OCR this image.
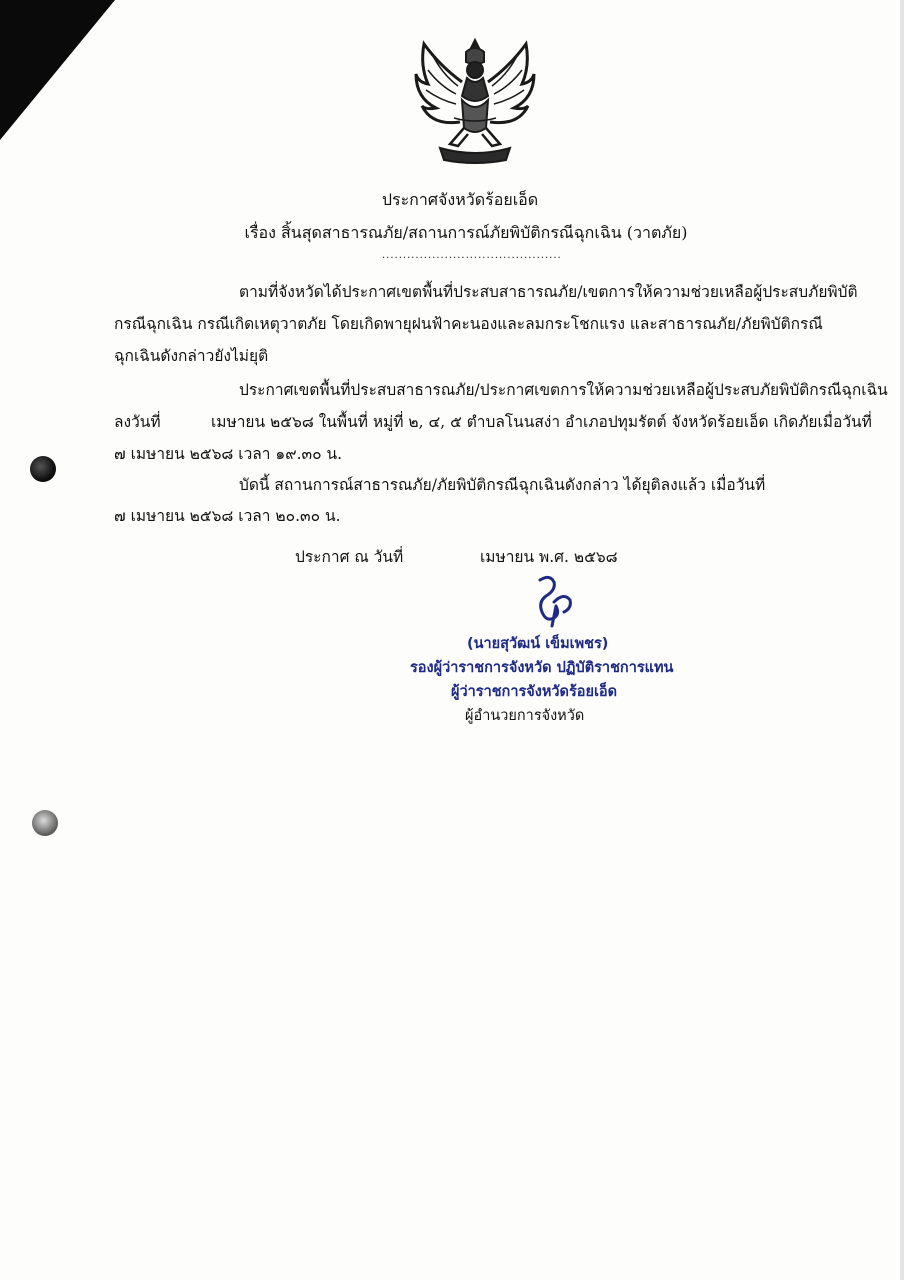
ประกาศจังหวัดร้อยเอ็ด
เรื่อง สิ้นสุดสาธารณภัย/สถานการณ์ภัยพิบัติกรณีฉุกเฉิน (วาตภัย)
...........................................
ตามที่จังหวัดได้ประกาศเขตพื้นที่ประสบสาธารณภัย/เขตการให้ความช่วยเหลือผู้ประสบภัยพิบัติ
กรณีฉุกเฉิน กรณีเกิดเหตุวาตภัย โดยเกิดพายุฝนฟ้าคะนองและลมกระโชกแรง และสาธารณภัย/ภัยพิบัติกรณี
ฉุกเฉินดังกล่าวยังไม่ยุติ
ประกาศเขตพื้นที่ประสบสาธารณภัย/ประกาศเขตการให้ความช่วยเหลือผู้ประสบภัยพิบัติกรณีฉุกเฉิน
ลงวันที่	เมษายน ๒๕๖๘ ในพื้นที่ หมู่ที่ ๒, ๔, ๕ ตำบลโนนสง่า อำเภอปทุมรัตต์ จังหวัดร้อยเอ็ด เกิดภัยเมื่อวันที่
๗ เมษายน ๒๕๖๘ เวลา ๑๙.๓๐ น.
บัดนี้ สถานการณ์สาธารณภัย/ภัยพิบัติกรณีฉุกเฉินดังกล่าว ได้ยุติลงแล้ว เมื่อวันที่
๗ เมษายน ๒๕๖๘ เวลา ๒๐.๓๐ น.
ประกาศ ณ วันที่	เมษายน พ.ศ. ๒๕๖๘
(นายสุวัฒน์ เข็มเพชร)
รองผู้ว่าราชการจังหวัด ปฏิบัติราชการแทน
ผู้ว่าราชการจังหวัดร้อยเอ็ด
ผู้อำนวยการจังหวัด
